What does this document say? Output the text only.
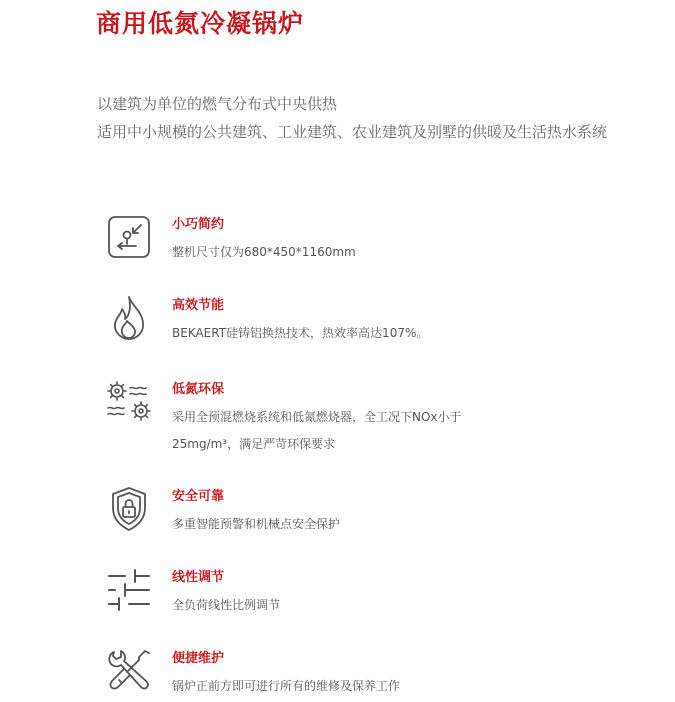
商用低氮冷凝锅炉
以建筑为单位的燃气分布式中央供热
适用中小规模的公共建筑、工业建筑、农业建筑及别墅的供暖及生活热水系统
小巧简约
整机尺寸仅为680*450*1160mm
高效节能
BEKAERT硅铸铝换热技术，热效率高达107%。
低氮环保
采用全预混燃烧系统和低氮燃烧器，全工况下NOx小于
25mg/m³，满足严苛环保要求
安全可靠
多重智能预警和机械点安全保护
线性调节
全负荷线性比例调节
便捷维护
锅炉正前方即可进行所有的维修及保养工作
